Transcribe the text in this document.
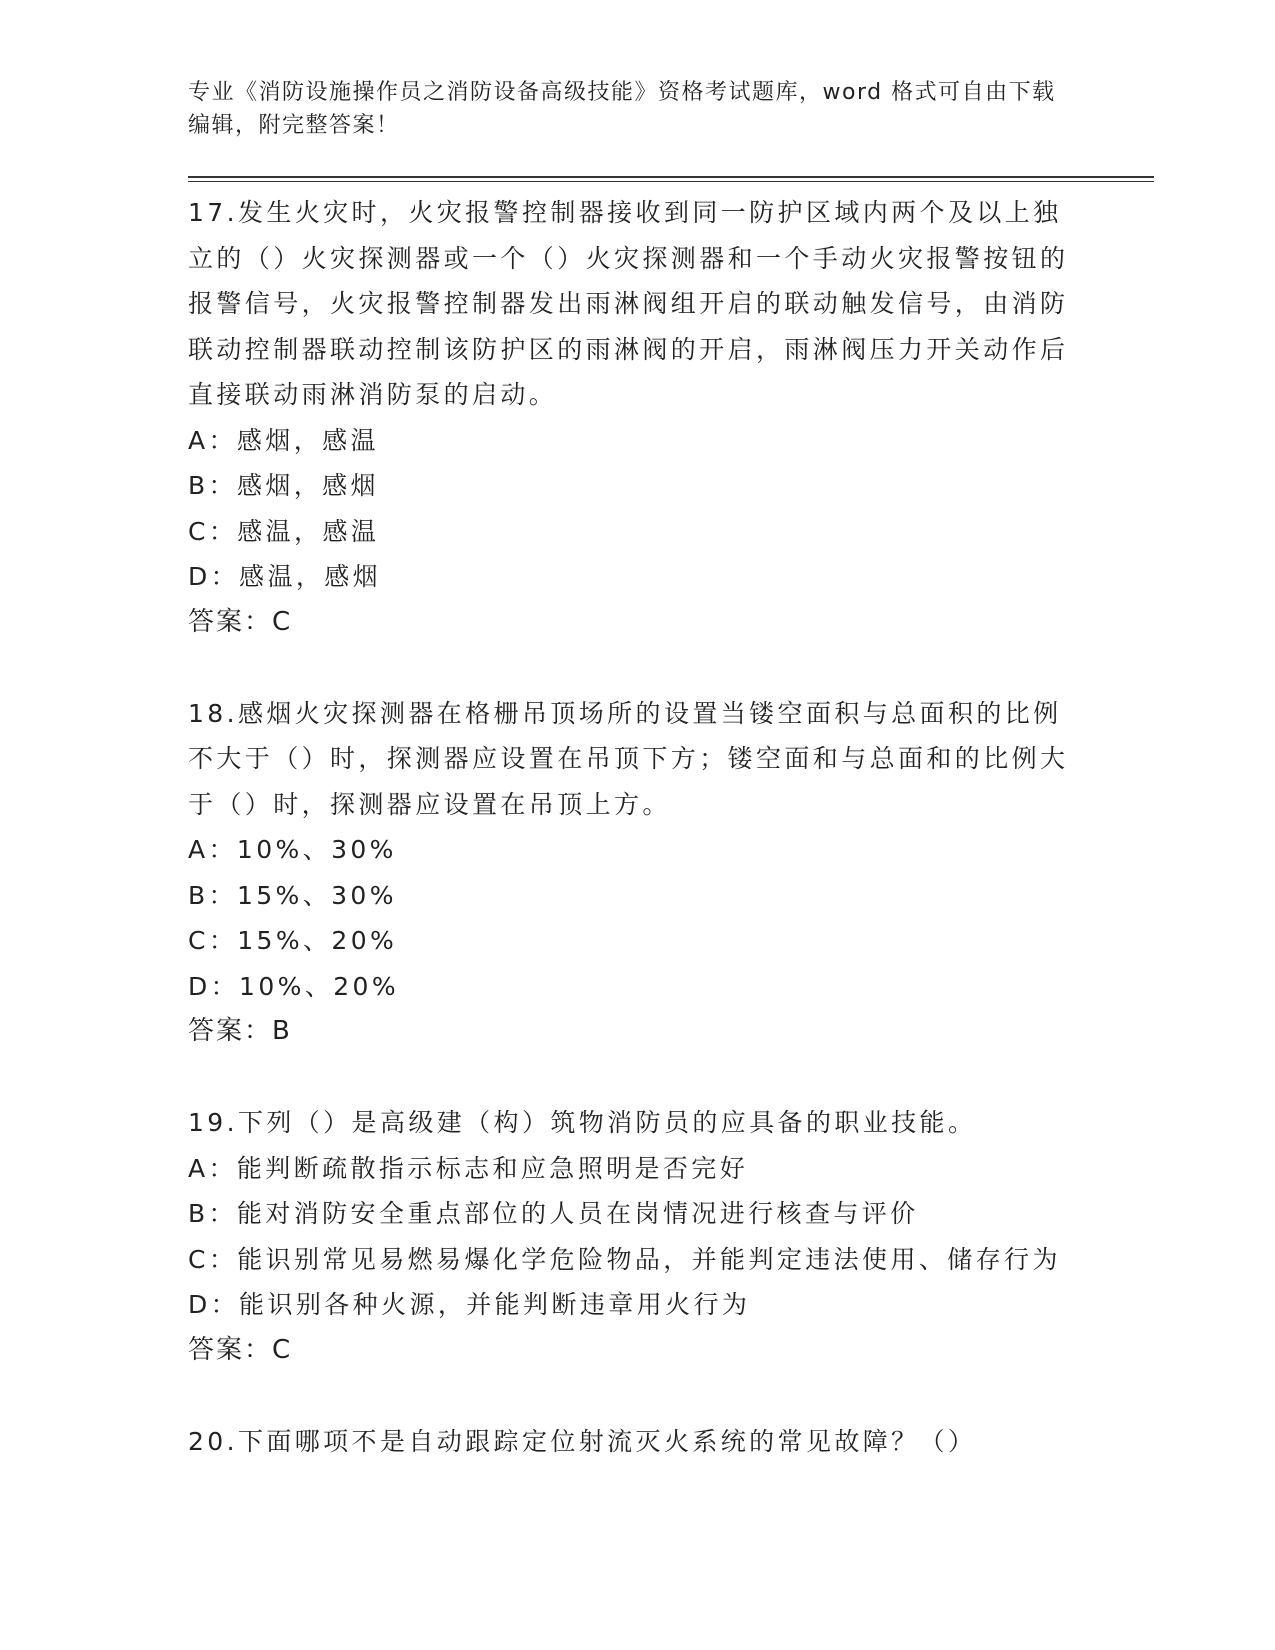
专业《消防设施操作员之消防设备高级技能》资格考试题库，word 格式可自由下载编辑，附完整答案！

17.发生火灾时，火灾报警控制器接收到同一防护区域内两个及以上独立的（）火灾探测器或一个（）火灾探测器和一个手动火灾报警按钮的报警信号，火灾报警控制器发出雨淋阀组开启的联动触发信号，由消防联动控制器联动控制该防护区的雨淋阀的开启，雨淋阀压力开关动作后直接联动雨淋消防泵的启动。

A：感烟，感温

B：感烟，感烟

C：感温，感温

D：感温，感烟

答案：C

18.感烟火灾探测器在格栅吊顶场所的设置当镂空面积与总面积的比例不大于（）时，探测器应设置在吊顶下方；镂空面和与总面和的比例大于（）时，探测器应设置在吊顶上方。

A：10%、30%

B：15%、30%

C：15%、20%

D：10%、20%

答案：B

19.下列（）是高级建（构）筑物消防员的应具备的职业技能。

A：能判断疏散指示标志和应急照明是否完好

B：能对消防安全重点部位的人员在岗情况进行核查与评价

C：能识别常见易燃易爆化学危险物品，并能判定违法使用、储存行为

D：能识别各种火源，并能判断违章用火行为

答案：C

20.下面哪项不是自动跟踪定位射流灭火系统的常见故障？（）
